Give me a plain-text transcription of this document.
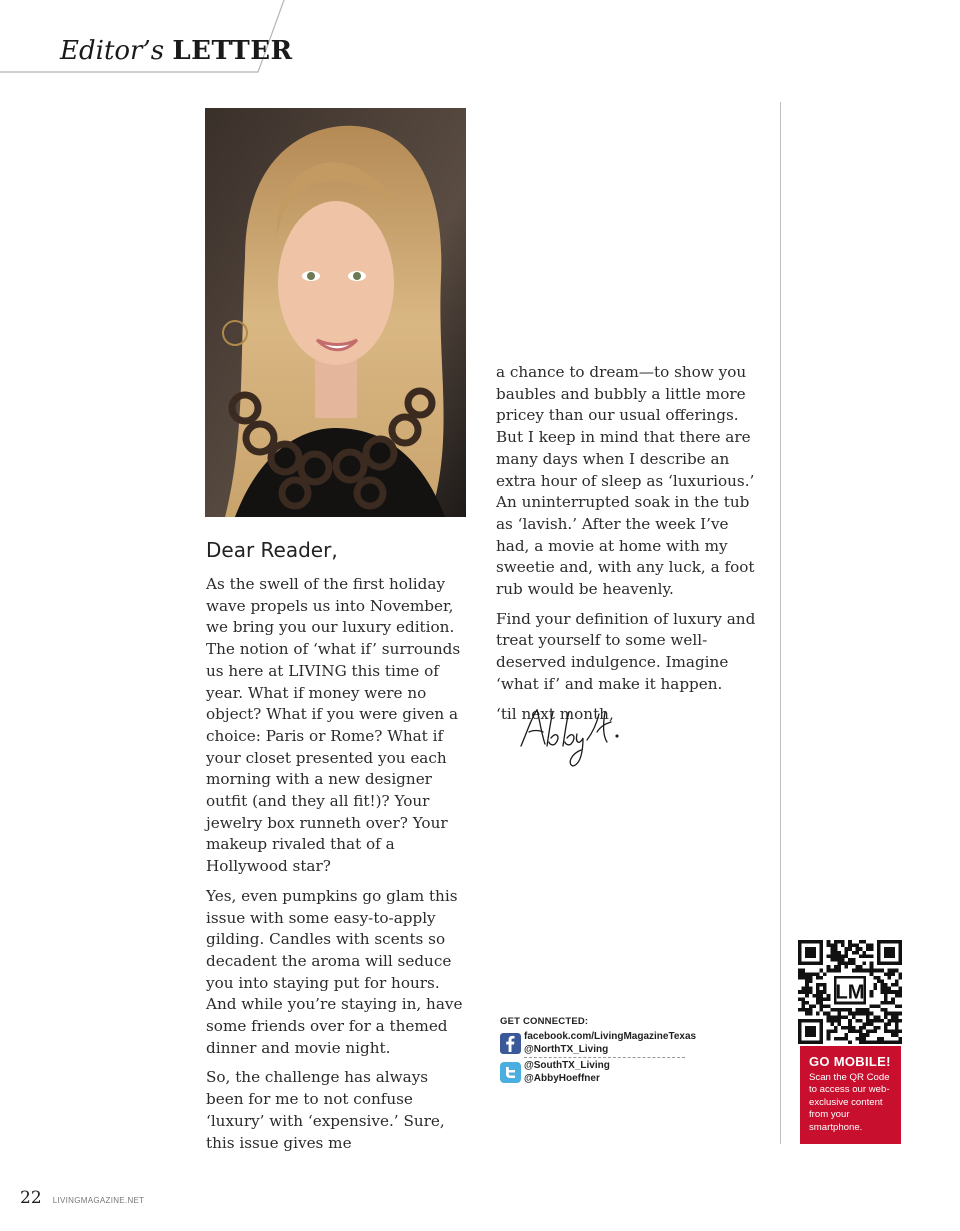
Editor’s LETTER
Dear Reader,

As the swell of the first holiday wave propels us into November, we bring you our luxury edition. The notion of ‘what if’ surrounds us here at LIVING this time of year. What if money were no object? What if you were given a choice: Paris or Rome? What if your closet presented you each morning with a new designer outfit (and they all fit!)? Your jewelry box runneth over? Your makeup rivaled that of a Hollywood star?

Yes, even pumpkins go glam this issue with some easy-to-apply gilding. Candles with scents so decadent the aroma will seduce you into staying put for hours. And while you’re staying in, have some friends over for a themed dinner and movie night.

So, the challenge has always been for me to not confuse ‘luxury’ with ‘expensive.’ Sure, this issue gives me

a chance to dream—to show you baubles and bubbly a little more pricey than our usual offerings. But I keep in mind that there are many days when I describe an extra hour of sleep as ‘luxurious.’ An uninterrupted soak in the tub as ‘lavish.’ After the week I’ve had, a movie at home with my sweetie and, with any luck, a foot rub would be heavenly.

Find your definition of luxury and treat yourself to some well-deserved indulgence. Imagine ‘what if’ and make it happen.

‘til next month,

GET CONNECTED:
facebook.com/LivingMagazineTexas
@NorthTX_Living
@SouthTX_Living
@AbbyHoeffner
LM
GO MOBILE!
Scan the QR Code to access our web-exclusive content from your smartphone.
22 LIVINGMAGAZINE.NET
